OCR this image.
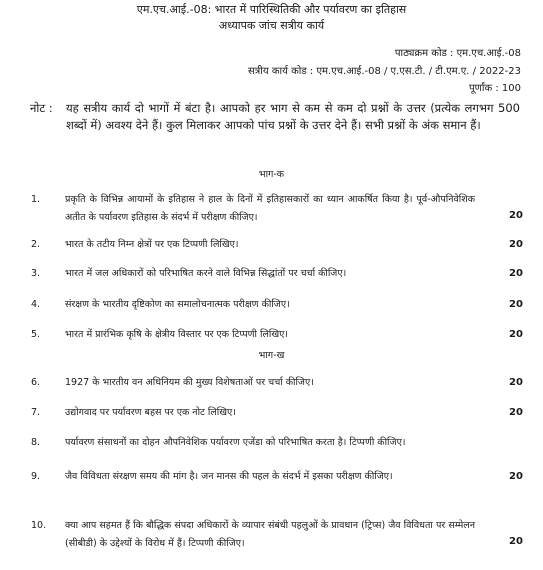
एम.एच.आई.-08: भारत में पारिस्थितिकी और पर्यावरण का इतिहास
अध्यापक जांच सत्रीय कार्य
पाठ्यक्रम कोड : एम.एच.आई.-08
सत्रीय कार्य कोड : एम.एच.आई.-08 / ए.एस.टी. / टी.एम.ए. / 2022-23
पूर्णांक : 100
नोट :	यह सत्रीय कार्य दो भागों में बंटा है। आपको हर भाग से कम से कम दो प्रश्नों के उत्तर (प्रत्येक लगभग 500 शब्दों में) अवश्य देने हैं। कुल मिलाकर आपको पांच प्रश्नों के उत्तर देने हैं। सभी प्रश्नों के अंक समान हैं।
भाग-क
1.	प्रकृति के विभिन्न आयामों के इतिहास ने हाल के दिनों में इतिहासकारों का ध्यान आकर्षित किया है। पूर्व-औपनिवेशिक अतीत के पर्यावरण इतिहास के संदर्भ में परीक्षण कीजिए।	20
2.	भारत के तटीय निम्न क्षेत्रों पर एक टिप्पणी लिखिए।	20
3.	भारत में जल अधिकारों को परिभाषित करने वाले विभिन्न सिद्धांतों पर चर्चा कीजिए।	20
4.	संरक्षण के भारतीय दृष्टिकोण का समालोचनात्मक परीक्षण कीजिए।	20
5.	भारत में प्रारंभिक कृषि के क्षेत्रीय विस्तार पर एक टिप्पणी लिखिए।	20
भाग-ख
6.	1927 के भारतीय वन अधिनियम की मुख्य विशेषताओं पर चर्चा कीजिए।	20
7.	उद्योगवाद पर पर्यावरण बहस पर एक नोट लिखिए।	20
8.	पर्यावरण संसाधनों का दोहन औपनिवेशिक पर्यावरण एजेंडा को परिभाषित करता है। टिप्पणी कीजिए।
9.	जैव विविधता संरक्षण समय की मांग है। जन मानस की पहल के संदर्भ में इसका परीक्षण कीजिए।	20
10. क्या आप सहमत हैं कि बौद्धिक संपदा अधिकारों के व्यापार संबंधी पहलुओं के प्रावधान (ट्रिप्स) जैव विविधता पर सम्मेलन (सीबीडी) के उद्देश्यों के विरोध में हैं। टिप्पणी कीजिए।	20
